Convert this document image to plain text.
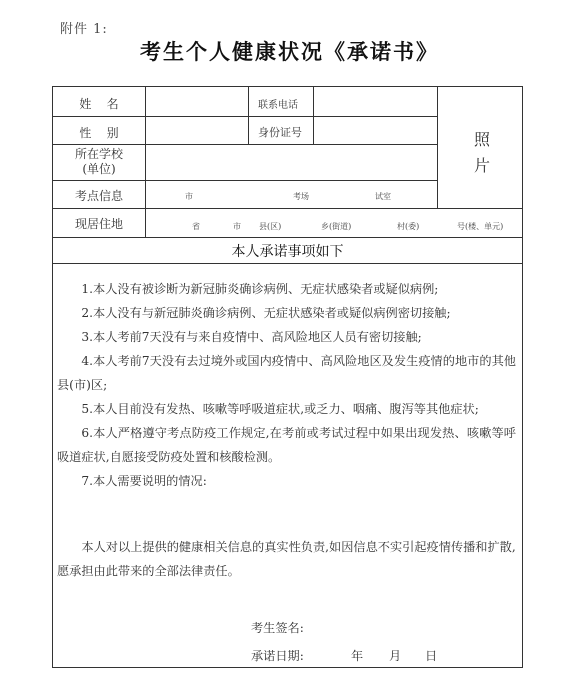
附件 1:
考生个人健康状况《承诺书》
姓    名	联系电话
性    别	身份证号
所在学校
(单位)
考点信息	市	考场	试室
现居住地	省	市 县(区)	乡(街道)	村(委)	号(楼、单元)
照
片
本人承诺事项如下

1.本人没有被诊断为新冠肺炎确诊病例、无症状感染者或疑似病例;

2.本人没有与新冠肺炎确诊病例、无症状感染者或疑似病例密切接触;

3.本人考前7天没有与来自疫情中、高风险地区人员有密切接触;

4.本人考前7天没有去过境外或国内疫情中、高风险地区及发生疫情的地市的其他县(市)区;

5.本人目前没有发热、咳嗽等呼吸道症状,或乏力、咽痛、腹泻等其他症状;

6.本人严格遵守考点防疫工作规定,在考前或考试过程中如果出现发热、咳嗽等呼吸道症状,自愿接受防疫处置和核酸检测。

7.本人需要说明的情况:

本人对以上提供的健康相关信息的真实性负责,如因信息不实引起疫情传播和扩散,愿承担由此带来的全部法律责任。

考生签名:
承诺日期:	年 月 日
